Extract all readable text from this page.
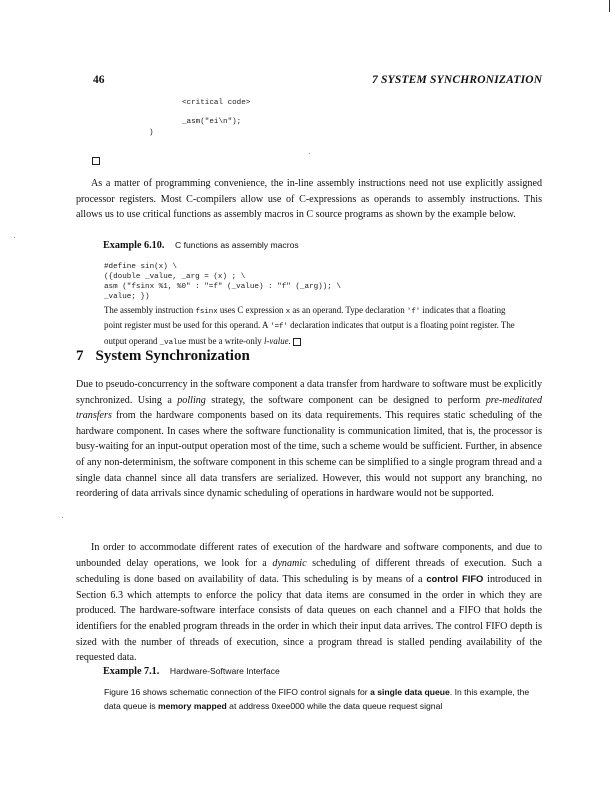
46	7 SYSTEM SYNCHRONIZATION
<critical code>
_asm("ei\n");
)

As a matter of programming convenience, the in-line assembly instructions need not use explicitly assigned processor registers. Most C-compilers allow use of C-expressions as operands to assembly instructions. This allows us to use critical functions as assembly macros in C source programs as shown by the example below.

Example 6.10. C functions as assembly macros
#define sin(x) \
({double _value, _arg = (x) ; \
asm ("fsinx %1, %0" : "=f" (_value) : "f" (_arg)); \
_value; })

The assembly instruction fsinx uses C expression x as an operand. Type declaration 'f' indicates that a floating point register must be used for this operand. A '=f' declaration indicates that output is a floating point register. The output operand _value must be a write-only l-value.

7 System Synchronization

Due to pseudo-concurrency in the software component a data transfer from hardware to software must be explicitly synchronized. Using a polling strategy, the software component can be designed to perform pre-meditated transfers from the hardware components based on its data requirements. This requires static scheduling of the hardware component. In cases where the software functionality is communication limited, that is, the processor is busy-waiting for an input-output operation most of the time, such a scheme would be sufficient. Further, in absence of any non-determinism, the software component in this scheme can be simplified to a single program thread and a single data channel since all data transfers are serialized. However, this would not support any branching, no reordering of data arrivals since dynamic scheduling of operations in hardware would not be supported.

In order to accommodate different rates of execution of the hardware and software components, and due to unbounded delay operations, we look for a dynamic scheduling of different threads of execution. Such a scheduling is done based on availability of data. This scheduling is by means of a control FIFO introduced in Section 6.3 which attempts to enforce the policy that data items are consumed in the order in which they are produced. The hardware-software interface consists of data queues on each channel and a FIFO that holds the identifiers for the enabled program threads in the order in which their input data arrives. The control FIFO depth is sized with the number of threads of execution, since a program thread is stalled pending availability of the requested data.

Example 7.1. Hardware-Software Interface

Figure 16 shows schematic connection of the FIFO control signals for a single data queue. In this example, the data queue is memory mapped at address 0xee000 while the data queue request signal
